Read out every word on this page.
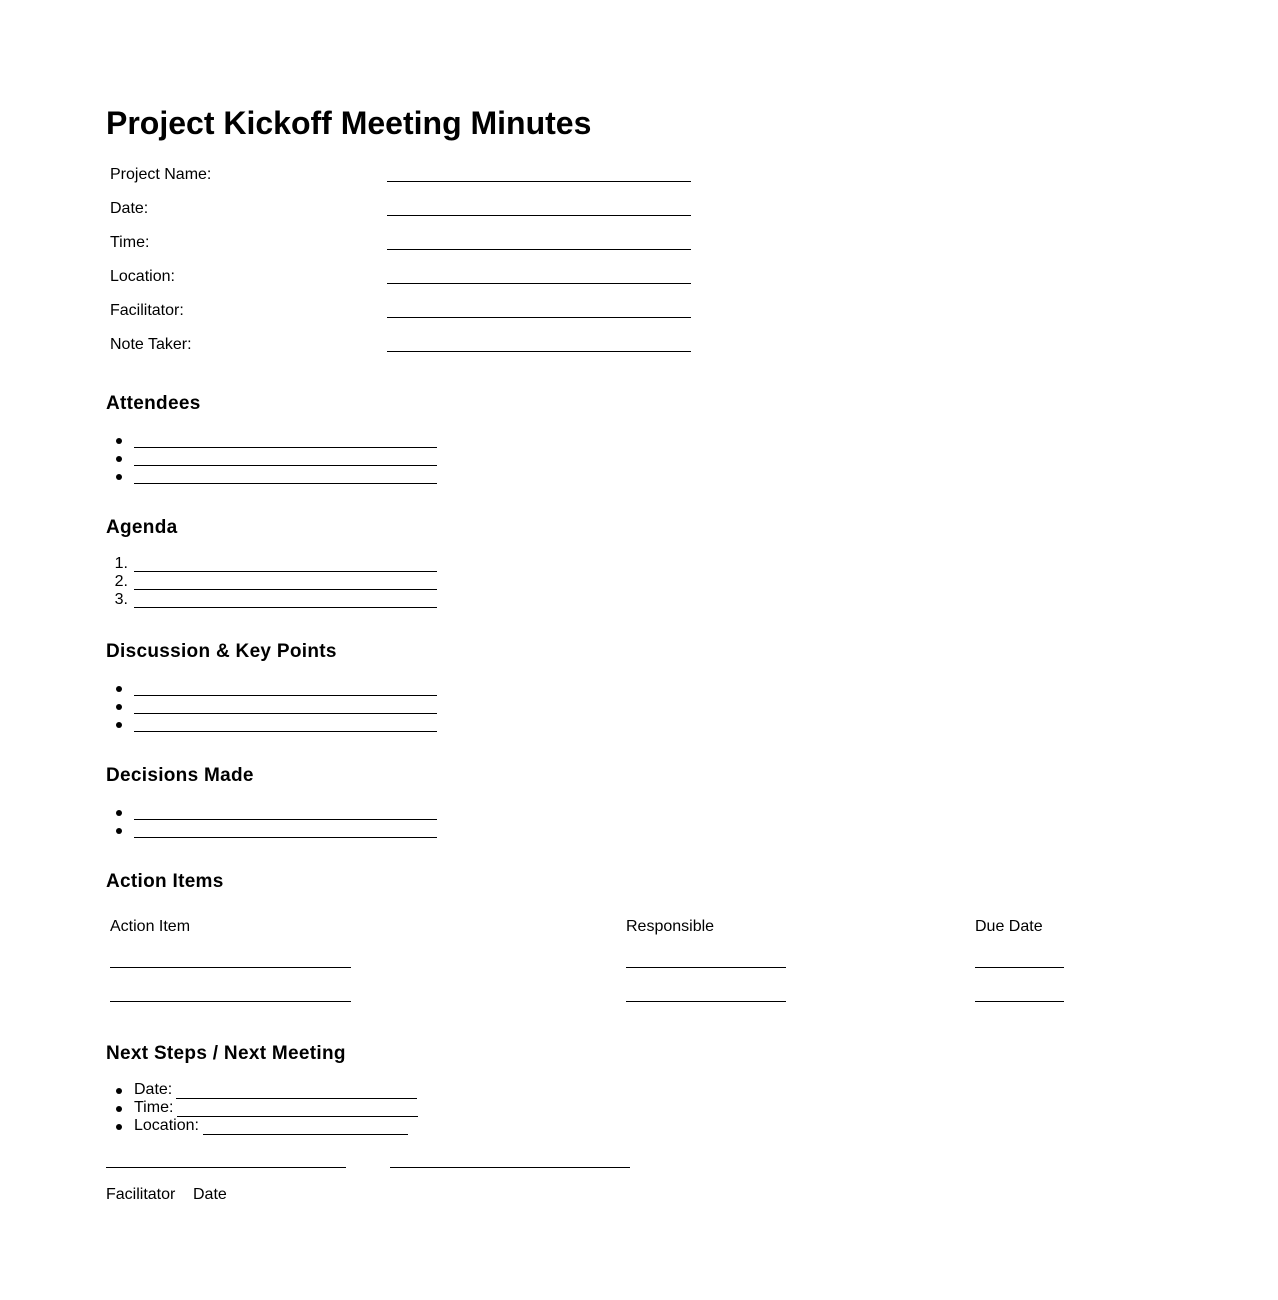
Project Kickoff Meeting Minutes
Project Name:
Date:
Time:
Location:
Facilitator:
Note Taker:
Attendees
Agenda
1.
2.
3.
Discussion & Key Points
Decisions Made
Action Items
Action Item	Responsible	Due Date
Next Steps / Next Meeting
Date:
Time:
Location:
Facilitator Date
